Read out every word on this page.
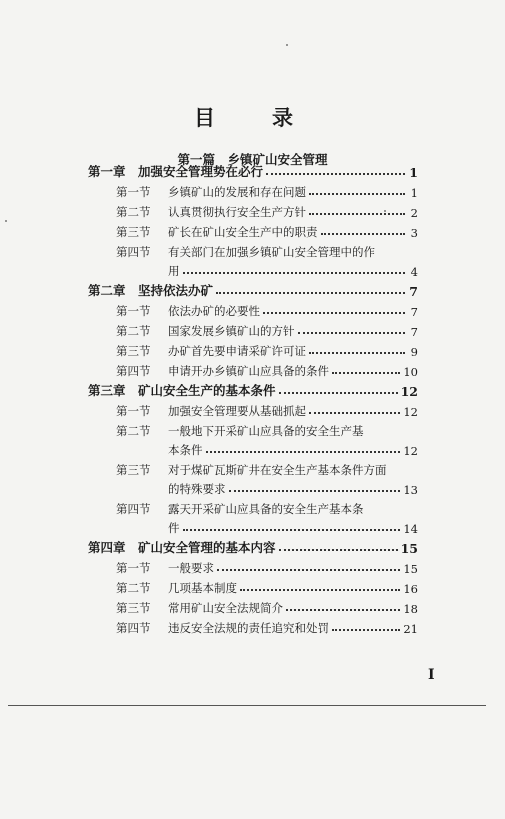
目　录
第一篇　乡镇矿山安全管理
第一章 加强安全管理势在必行	1
第一节	乡镇矿山的发展和存在问题	1
第二节	认真贯彻执行安全生产方针	2
第三节	矿长在矿山安全生产中的职责	3
第四节	有关部门在加强乡镇矿山安全管理中的作
用	4
第二章 坚持依法办矿	7
第一节	依法办矿的必要性	7
第二节	国家发展乡镇矿山的方针	7
第三节	办矿首先要申请采矿许可证	9
第四节	申请开办乡镇矿山应具备的条件	10
第三章 矿山安全生产的基本条件	12
第一节	加强安全管理要从基础抓起	12
第二节	一般地下开采矿山应具备的安全生产基
本条件	12
第三节	对于煤矿瓦斯矿井在安全生产基本条件方面
的特殊要求	13
第四节	露天开采矿山应具备的安全生产基本条
件	14
第四章 矿山安全管理的基本内容	15
第一节	一般要求	15
第二节	几项基本制度	16
第三节	常用矿山安全法规简介	18
第四节	违反安全法规的责任追究和处罚	21
I
